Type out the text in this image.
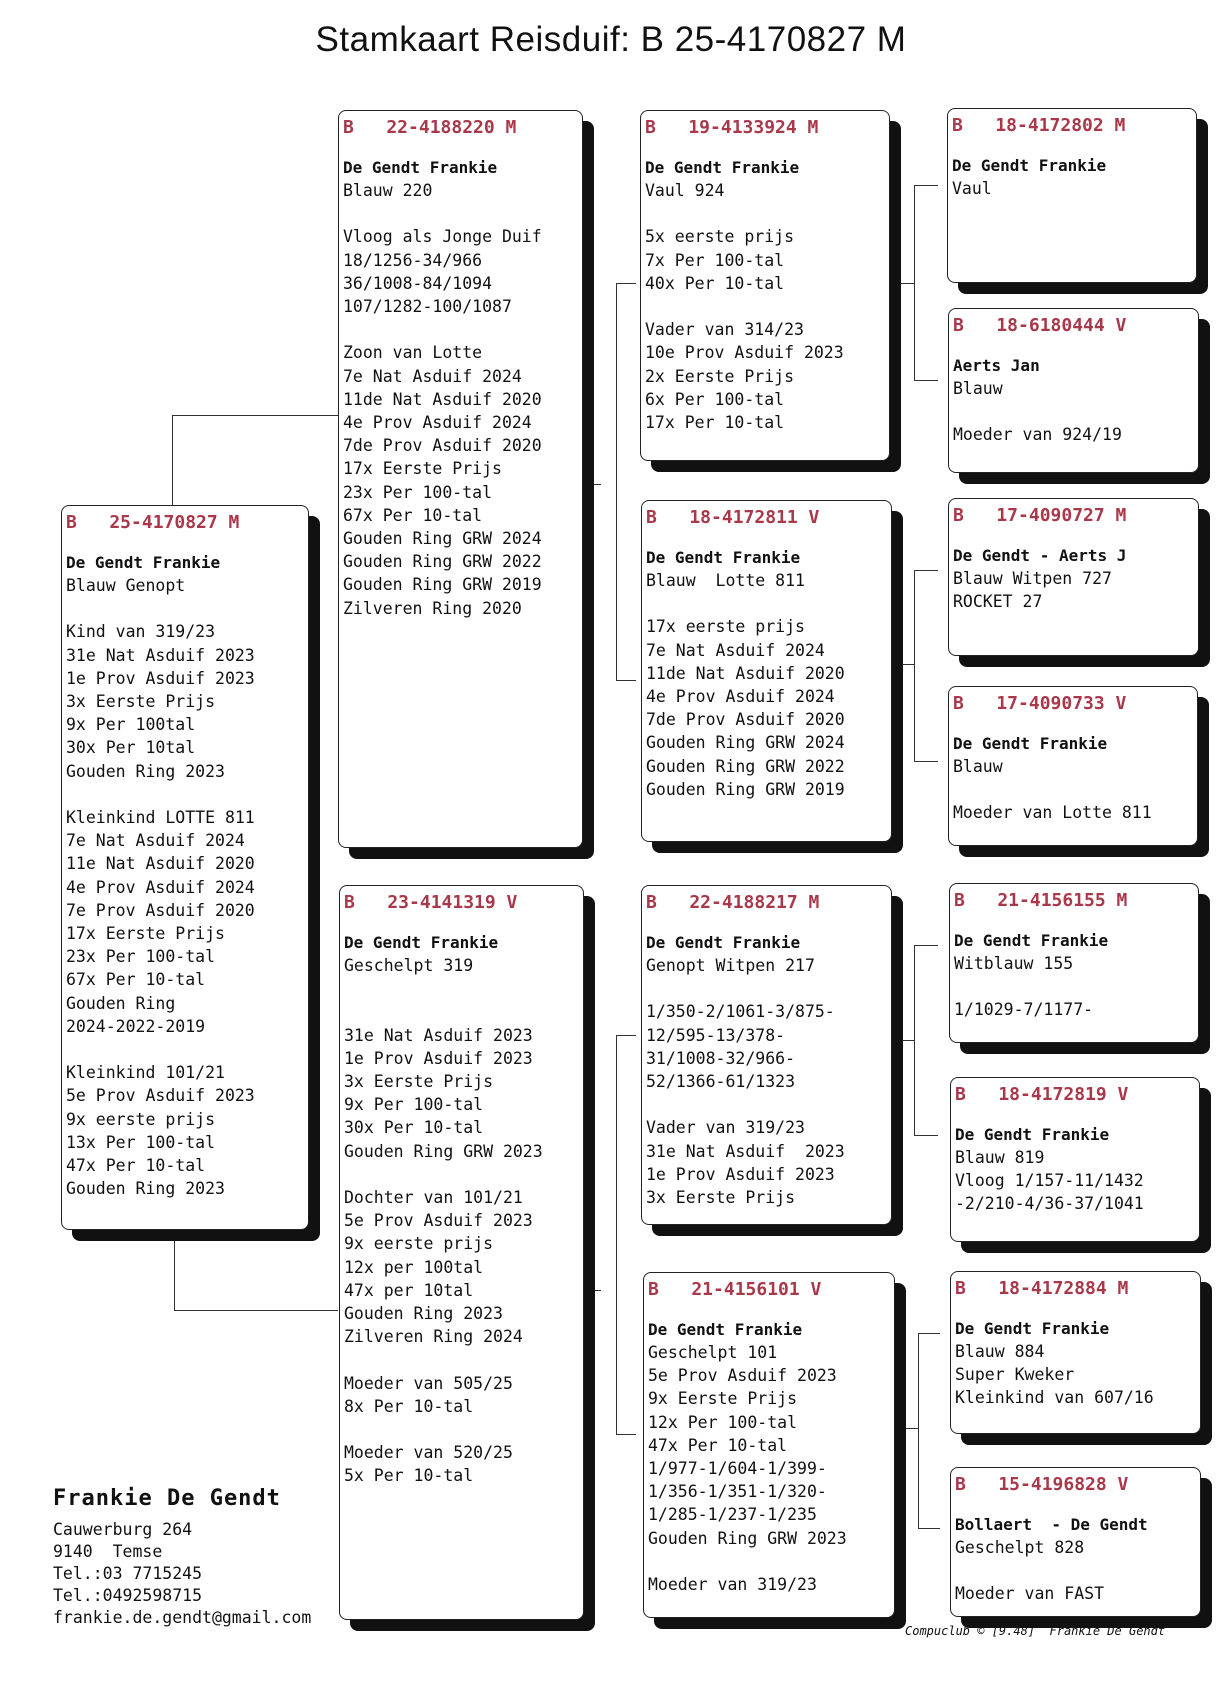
Stamkaart Reisduif: B 25-4170827 M
B   25-4170827 M
De Gendt Frankie
Blauw Genopt
Kind van 319/23
31e Nat Asduif 2023
1e Prov Asduif 2023
3x Eerste Prijs
9x Per 100tal
30x Per 10tal
Gouden Ring 2023
Kleinkind LOTTE 811
7e Nat Asduif 2024
11e Nat Asduif 2020
4e Prov Asduif 2024
7e Prov Asduif 2020
17x Eerste Prijs
23x Per 100-tal
67x Per 10-tal
Gouden Ring
2024-2022-2019
Kleinkind 101/21
5e Prov Asduif 2023
9x eerste prijs
13x Per 100-tal
47x Per 10-tal
Gouden Ring 2023
B   22-4188220 M
De Gendt Frankie
Blauw 220
Vloog als Jonge Duif
18/1256-34/966
36/1008-84/1094
107/1282-100/1087
Zoon van Lotte
7e Nat Asduif 2024
11de Nat Asduif 2020
4e Prov Asduif 2024
7de Prov Asduif 2020
17x Eerste Prijs
23x Per 100-tal
67x Per 10-tal
Gouden Ring GRW 2024
Gouden Ring GRW 2022
Gouden Ring GRW 2019
Zilveren Ring 2020
B   23-4141319 V
De Gendt Frankie
Geschelpt 319
31e Nat Asduif 2023
1e Prov Asduif 2023
3x Eerste Prijs
9x Per 100-tal
30x Per 10-tal
Gouden Ring GRW 2023
Dochter van 101/21
5e Prov Asduif 2023
9x eerste prijs
12x per 100tal
47x per 10tal
Gouden Ring 2023
Zilveren Ring 2024
Moeder van 505/25
8x Per 10-tal
Moeder van 520/25
5x Per 10-tal
B   19-4133924 M
De Gendt Frankie
Vaul 924
5x eerste prijs
7x Per 100-tal
40x Per 10-tal
Vader van 314/23
10e Prov Asduif 2023
2x Eerste Prijs
6x Per 100-tal
17x Per 10-tal
B   18-4172811 V
De Gendt Frankie
Blauw  Lotte 811
17x eerste prijs
7e Nat Asduif 2024
11de Nat Asduif 2020
4e Prov Asduif 2024
7de Prov Asduif 2020
Gouden Ring GRW 2024
Gouden Ring GRW 2022
Gouden Ring GRW 2019
B   22-4188217 M
De Gendt Frankie
Genopt Witpen 217
1/350-2/1061-3/875-
12/595-13/378-
31/1008-32/966-
52/1366-61/1323
Vader van 319/23
31e Nat Asduif  2023
1e Prov Asduif 2023
3x Eerste Prijs
B   21-4156101 V
De Gendt Frankie
Geschelpt 101
5e Prov Asduif 2023
9x Eerste Prijs
12x Per 100-tal
47x Per 10-tal
1/977-1/604-1/399-
1/356-1/351-1/320-
1/285-1/237-1/235
Gouden Ring GRW 2023
Moeder van 319/23
B   18-4172802 M
De Gendt Frankie
Vaul
B   18-6180444 V
Aerts Jan
Blauw
Moeder van 924/19
B   17-4090727 M
De Gendt - Aerts J
Blauw Witpen 727
ROCKET 27
B   17-4090733 V
De Gendt Frankie
Blauw
Moeder van Lotte 811
B   21-4156155 M
De Gendt Frankie
Witblauw 155
1/1029-7/1177-
B   18-4172819 V
De Gendt Frankie
Blauw 819
Vloog 1/157-11/1432
-2/210-4/36-37/1041
B   18-4172884 M
De Gendt Frankie
Blauw 884
Super Kweker
Kleinkind van 607/16
B   15-4196828 V
Bollaert  - De Gendt
Geschelpt 828
Moeder van FAST
Frankie De Gendt
Cauwerburg 264
9140  Temse
Tel.:03 7715245
Tel.:0492598715
frankie.de.gendt@gmail.com
Compuclub © [9.48]  Frankie De Gendt
